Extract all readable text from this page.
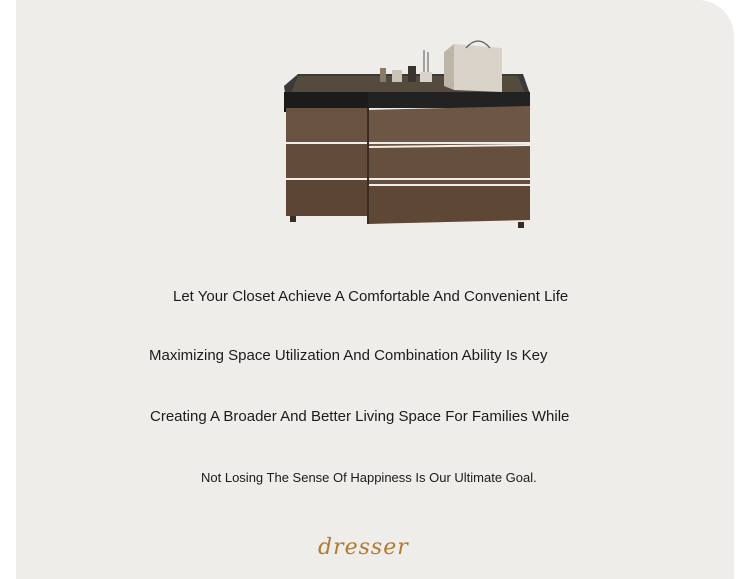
Let Your Closet Achieve A Comfortable And Convenient Life
Maximizing Space Utilization And Combination Ability Is Key
Creating A Broader And Better Living Space For Families While
Not Losing The Sense Of Happiness Is Our Ultimate Goal.
dresser
